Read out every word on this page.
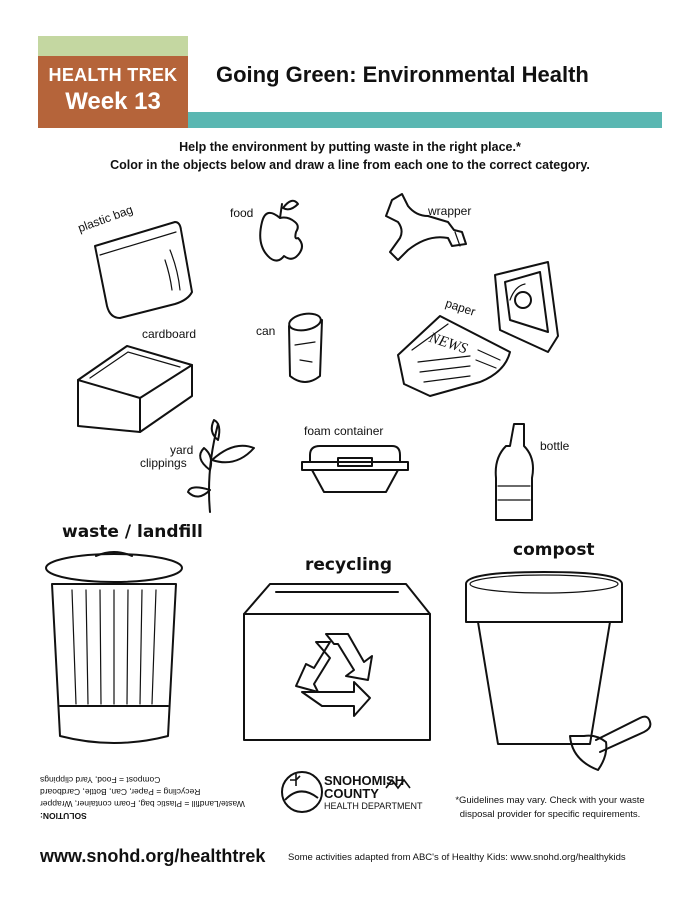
HEALTH TREK
Week 13
Going Green: Environmental Health
Help the environment by putting waste in the right place.*
Color in the objects below and draw a line from each one to the correct category.
plastic bag	food	wrapper
paper
cardboard	can
yard
clippings
foam container
bottle
waste / landfill
recycling
compost
SOLUTION:
Waste/Landfill = Plastic bag, Foam container, Wrapper
Recycling = Paper, Can, Bottle, Cardboard
Compost = Food, Yard clippings	SNOHOMISH
COUNTY
HEALTH DEPARTMENT	*Guidelines may vary. Check with your waste
disposal provider for specific requirements.
www.snohd.org/healthtrek Some activities adapted from ABC's of Healthy Kids: www.snohd.org/healthykids
NEWS
